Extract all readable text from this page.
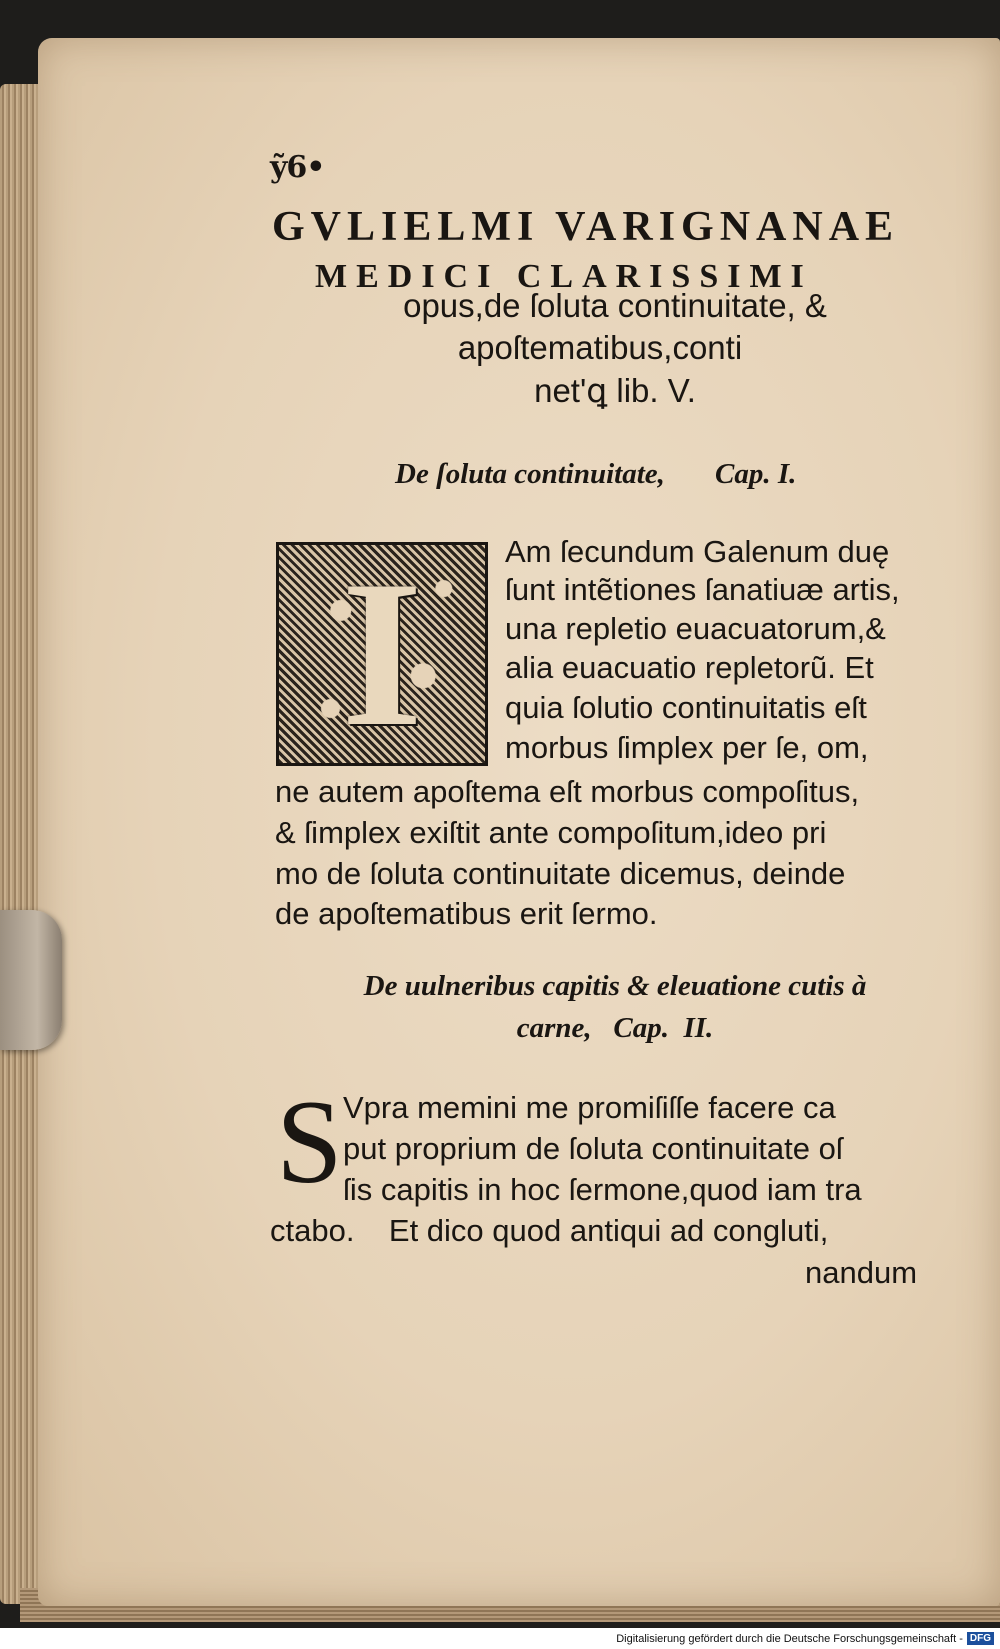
ỹ6•
GVLIELMI VARIGNANAE
MEDICI CLARISSIMI
opus,de ſoluta continuitate, &
apoſtematibus,conti
net'ꝗ lib. V.
De ſoluta continuitate, Cap. I.
I	Am ſecundum Galenum duę
ſunt intẽtiones ſanatiuæ artis,
una repletio euacuatorum,&
alia euacuatio repletorũ. Et
quia ſolutio continuitatis eſt
morbus ſimplex per ſe, om,
ne autem apoſtema eſt morbus compoſitus,
& ſimplex exiſtit ante compoſitum,ideo pri
mo de ſoluta continuitate dicemus, deinde
de apoſtematibus erit ſermo.
De uulneribus capitis & eleuatione cutis à
carne,   Cap.  II.
S Vpra memini me promiſiſſe facere ca
put proprium de ſoluta continuitate oſ
ſis capitis in hoc ſermone,quod iam tra
ctabo.    Et dico quod antiqui ad congluti,
nandum
Digitalisierung gefördert durch die Deutsche Forschungsgemeinschaft - DFG
